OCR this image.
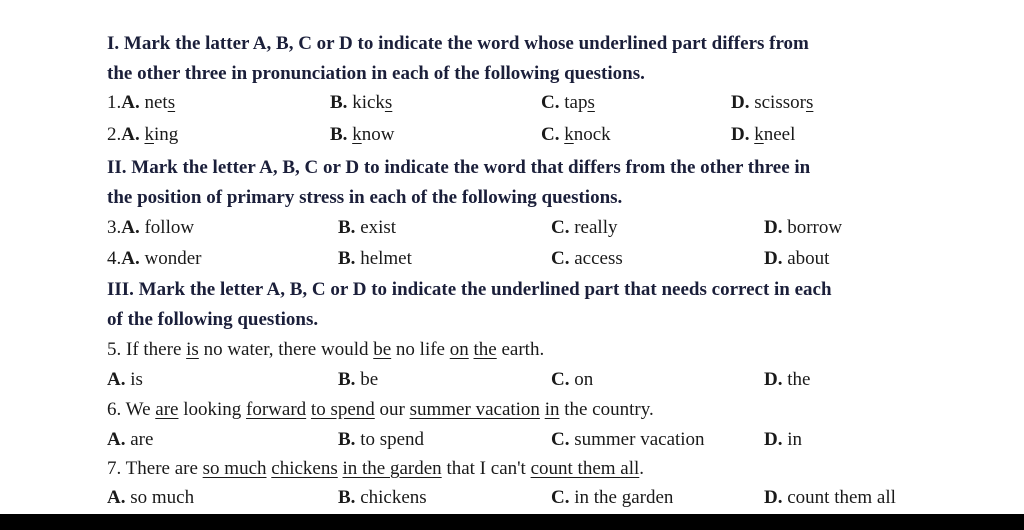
I. Mark the latter A, B, C or D to indicate the word whose underlined part differs from
the other three in pronunciation in each of the following questions.
1.A. nets	B. kicks	C. taps	D. scissors
2.A. king	B. know	C. knock	D. kneel
II. Mark the letter A, B, C or D to indicate the word that differs from the other three in
the position of primary stress in each of the following questions.
3.A. follow	B. exist	C. really	D. borrow
4.A. wonder	B. helmet	C. access	D. about
III. Mark the letter A, B, C or D to indicate the underlined part that needs correct in each
of the following questions.
5. If there is no water, there would be no life on the earth.
A. is	B. be	C. on	D. the
6. We are looking forward to spend our summer vacation in the country.
A. are	B. to spend	C. summer vacation	D. in
7. There are so much chickens in the garden that I can't count them all.
A. so much	B. chickens	C. in the garden	D. count them all
